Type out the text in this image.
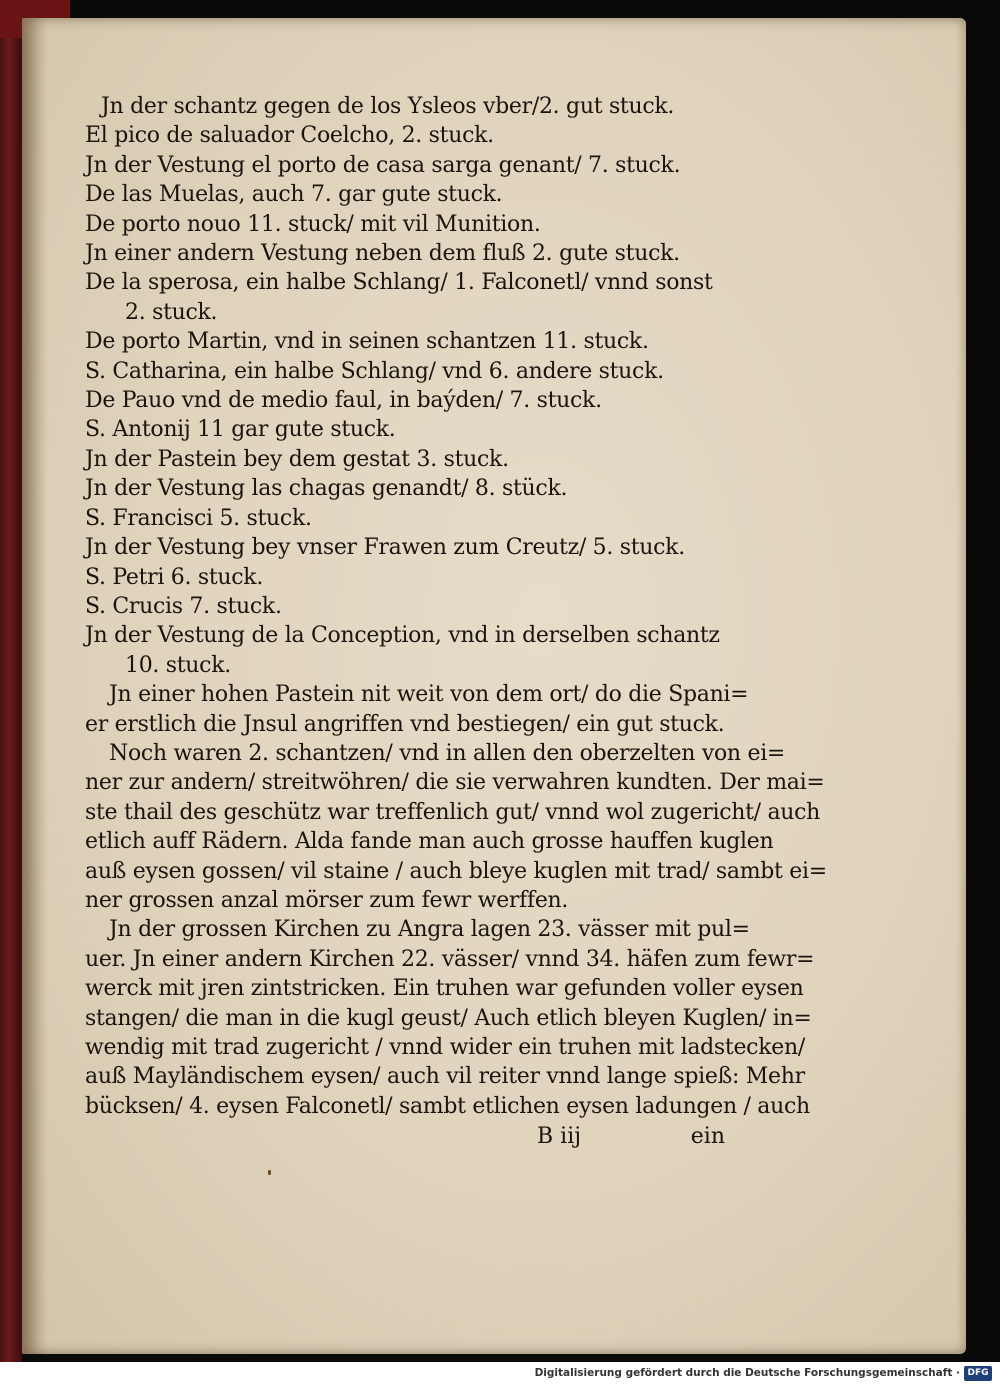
Jn der schantz gegen de los Ysleos vber/2. gut stuck.
El pico de saluador Coelcho, 2. stuck.
Jn der Vestung el porto de casa sarga genant/ 7. stuck.
De las Muelas, auch 7. gar gute stuck.
De porto nouo 11. stuck/ mit vil Munition.
Jn einer andern Vestung neben dem fluß 2. gute stuck.
De la sperosa, ein halbe Schlang/ 1. Falconetl/ vnnd sonst
2. stuck.
De porto Martin, vnd in seinen schantzen 11. stuck.
S. Catharina, ein halbe Schlang/ vnd 6. andere stuck.
De Pauo vnd de medio faul, in baýden/ 7. stuck.
S. Antonij 11 gar gute stuck.
Jn der Pastein bey dem gestat 3. stuck.
Jn der Vestung las chagas genandt/ 8. stück.
S. Francisci 5. stuck.
Jn der Vestung bey vnser Frawen zum Creutz/ 5. stuck.
S. Petri 6. stuck.
S. Crucis 7. stuck.
Jn der Vestung de la Conception, vnd in derselben schantz
10. stuck.
Jn einer hohen Pastein nit weit von dem ort/ do die Spani=
er erstlich die Jnsul angriffen vnd bestiegen/ ein gut stuck.
Noch waren 2. schantzen/ vnd in allen den oberzelten von ei=
ner zur andern/ streitwöhren/ die sie verwahren kundten. Der mai=
ste thail des geschütz war treffenlich gut/ vnnd wol zugericht/ auch
etlich auff Rädern. Alda fande man auch grosse hauffen kuglen
auß eysen gossen/ vil staine / auch bleye kuglen mit trad/ sambt ei=
ner grossen anzal mörser zum fewr werffen.
Jn der grossen Kirchen zu Angra lagen 23. vässer mit pul=
uer. Jn einer andern Kirchen 22. vässer/ vnnd 34. häfen zum fewr=
werck mit jren zintstricken. Ein truhen war gefunden voller eysen
stangen/ die man in die kugl geust/ Auch etlich bleyen Kuglen/ in=
wendig mit trad zugericht / vnnd wider ein truhen mit ladstecken/
auß Mayländischem eysen/ auch vil reiter vnnd lange spieß: Mehr
bücksen/ 4. eysen Falconetl/ sambt etlichen eysen ladungen / auch
B iij	ein
Digitalisierung gefördert durch die Deutsche Forschungsgemeinschaft · DFG
